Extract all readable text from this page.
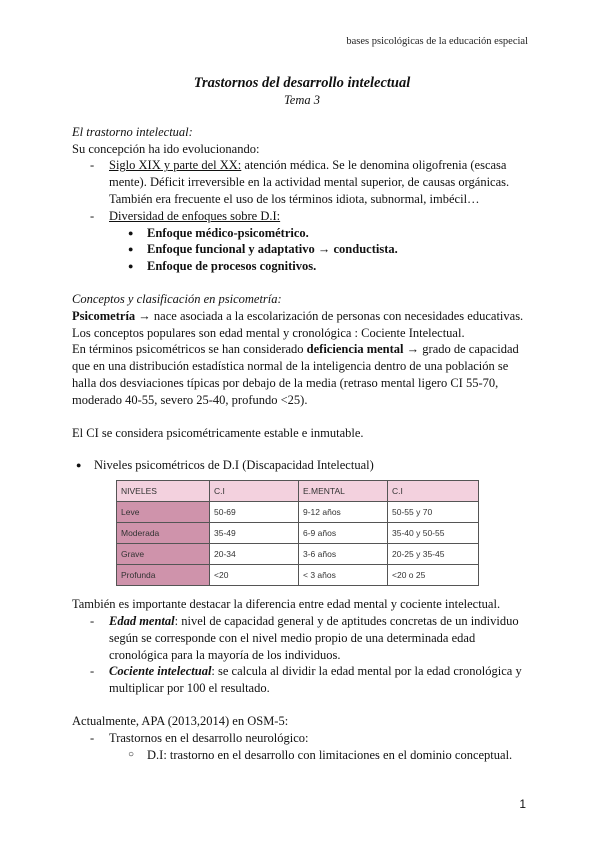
bases psicológicas de la educación especial
Trastornos del desarrollo intelectual
Tema 3
El trastorno intelectual:
Su concepción ha ido evolucionando:
- Siglo XIX y parte del XX: atención médica. Se le denomina oligofrenia (escasa mente). Déficit irreversible en la actividad mental superior, de causas orgánicas. También era frecuente el uso de los términos idiota, subnormal, imbécil…
- Diversidad de enfoques sobre D.I:
● Enfoque médico-psicométrico.
● Enfoque funcional y adaptativo → conductista.
● Enfoque de procesos cognitivos.
Conceptos y clasificación en psicometría:
Psicometría → nace asociada a la escolarización de personas con necesidades educativas. Los conceptos populares son edad mental y cronológica : Cociente Intelectual.
En términos psicométricos se han considerado deficiencia mental → grado de capacidad que en una distribución estadística normal de la inteligencia dentro de una población se halla dos desviaciones típicas por debajo de la media (retraso mental ligero CI 55-70, moderado 40-55, severo 25-40, profundo <25).
El CI se considera psicométricamente estable e inmutable.
● Niveles psicométricos de D.I (Discapacidad Intelectual)
NIVELES	C.I	E.MENTAL	C.I
Leve	50-69	9-12 años	50-55 y 70
Moderada	35-49	6-9 años	35-40 y 50-55
Grave	20-34	3-6 años	20-25 y 35-45
Profunda	<20	< 3 años	<20 o 25
También es importante destacar la diferencia entre edad mental y cociente intelectual.
- Edad mental: nivel de capacidad general y de aptitudes concretas de un individuo según se corresponde con el nivel medio propio de una determinada edad cronológica para la mayoría de los individuos.
- Cociente intelectual: se calcula al dividir la edad mental por la edad cronológica y multiplicar por 100 el resultado.
Actualmente, APA (2013,2014) en OSM-5:
- Trastornos en el desarrollo neurológico:
○ D.I: trastorno en el desarrollo con limitaciones en el dominio conceptual.
1
